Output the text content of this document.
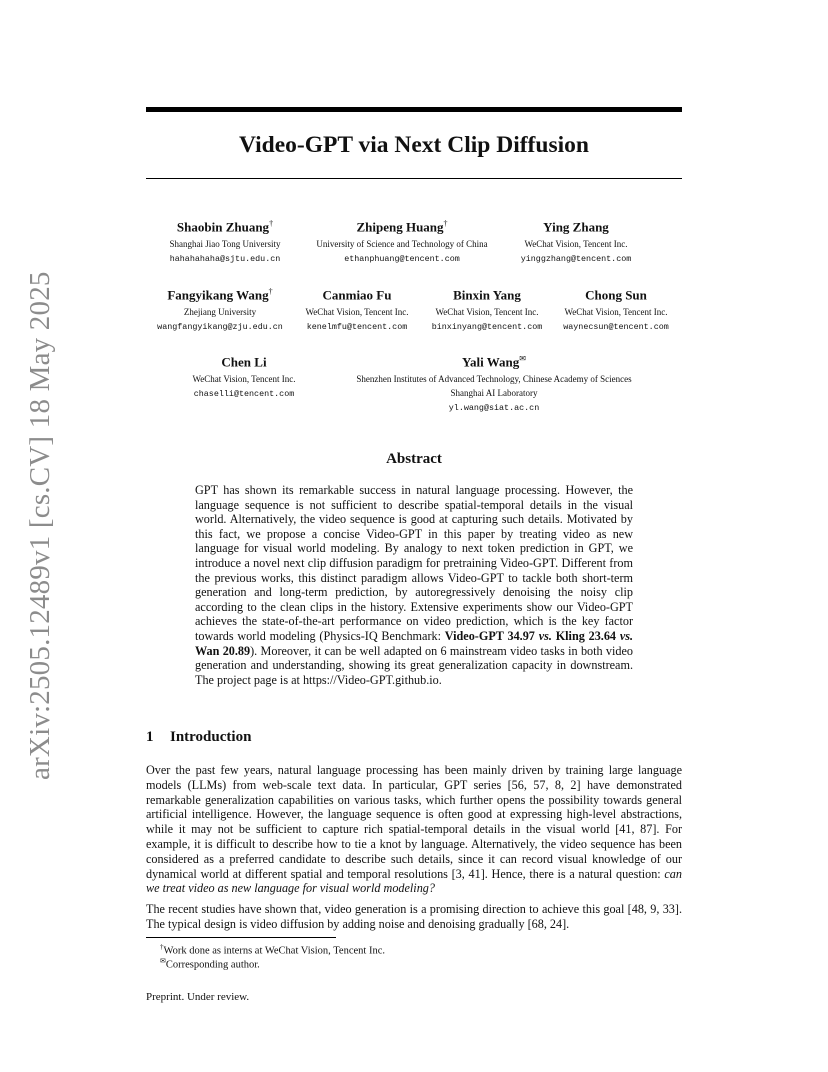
arXiv:2505.12489v1 [cs.CV] 18 May 2025
Video-GPT via Next Clip Diffusion
Shaobin Zhuang†
Shanghai Jiao Tong University
hahahahaha@sjtu.edu.cn
Zhipeng Huang†
University of Science and Technology of China
ethanphuang@tencent.com
Ying Zhang
WeChat Vision, Tencent Inc.
yinggzhang@tencent.com
Fangyikang Wang†
Zhejiang University
wangfangyikang@zju.edu.cn
Canmiao Fu
WeChat Vision, Tencent Inc.
kenelmfu@tencent.com
Binxin Yang
WeChat Vision, Tencent Inc.
binxinyang@tencent.com
Chong Sun
WeChat Vision, Tencent Inc.
waynecsun@tencent.com
Chen Li
WeChat Vision, Tencent Inc.
chaselli@tencent.com
Yali Wang✉
Shenzhen Institutes of Advanced Technology, Chinese Academy of Sciences
Shanghai AI Laboratory
yl.wang@siat.ac.cn
Abstract
GPT has shown its remarkable success in natural language processing. However, the language sequence is not sufficient to describe spatial-temporal details in the visual world. Alternatively, the video sequence is good at capturing such details. Motivated by this fact, we propose a concise Video-GPT in this paper by treating video as new language for visual world modeling. By analogy to next token prediction in GPT, we introduce a novel next clip diffusion paradigm for pretraining Video-GPT. Different from the previous works, this distinct paradigm allows Video-GPT to tackle both short-term generation and long-term prediction, by autoregressively denoising the noisy clip according to the clean clips in the history. Extensive experiments show our Video-GPT achieves the state-of-the-art performance on video prediction, which is the key factor towards world modeling (Physics-IQ Benchmark: Video-GPT 34.97 vs. Kling 23.64 vs. Wan 20.89). Moreover, it can be well adapted on 6 mainstream video tasks in both video generation and understanding, showing its great generalization capacity in downstream. The project page is at https://Video-GPT.github.io.
1 Introduction
Over the past few years, natural language processing has been mainly driven by training large language models (LLMs) from web-scale text data. In particular, GPT series [56, 57, 8, 2] have demonstrated remarkable generalization capabilities on various tasks, which further opens the possibility towards general artificial intelligence. However, the language sequence is often good at expressing high-level abstractions, while it may not be sufficient to capture rich spatial-temporal details in the visual world [41, 87]. For example, it is difficult to describe how to tie a knot by language. Alternatively, the video sequence has been considered as a preferred candidate to describe such details, since it can record visual knowledge of our dynamical world at different spatial and temporal resolutions [3, 41]. Hence, there is a natural question: can we treat video as new language for visual world modeling?
The recent studies have shown that, video generation is a promising direction to achieve this goal [48, 9, 33]. The typical design is video diffusion by adding noise and denoising gradually [68, 24].
†Work done as interns at WeChat Vision, Tencent Inc.
✉Corresponding author.
Preprint. Under review.
